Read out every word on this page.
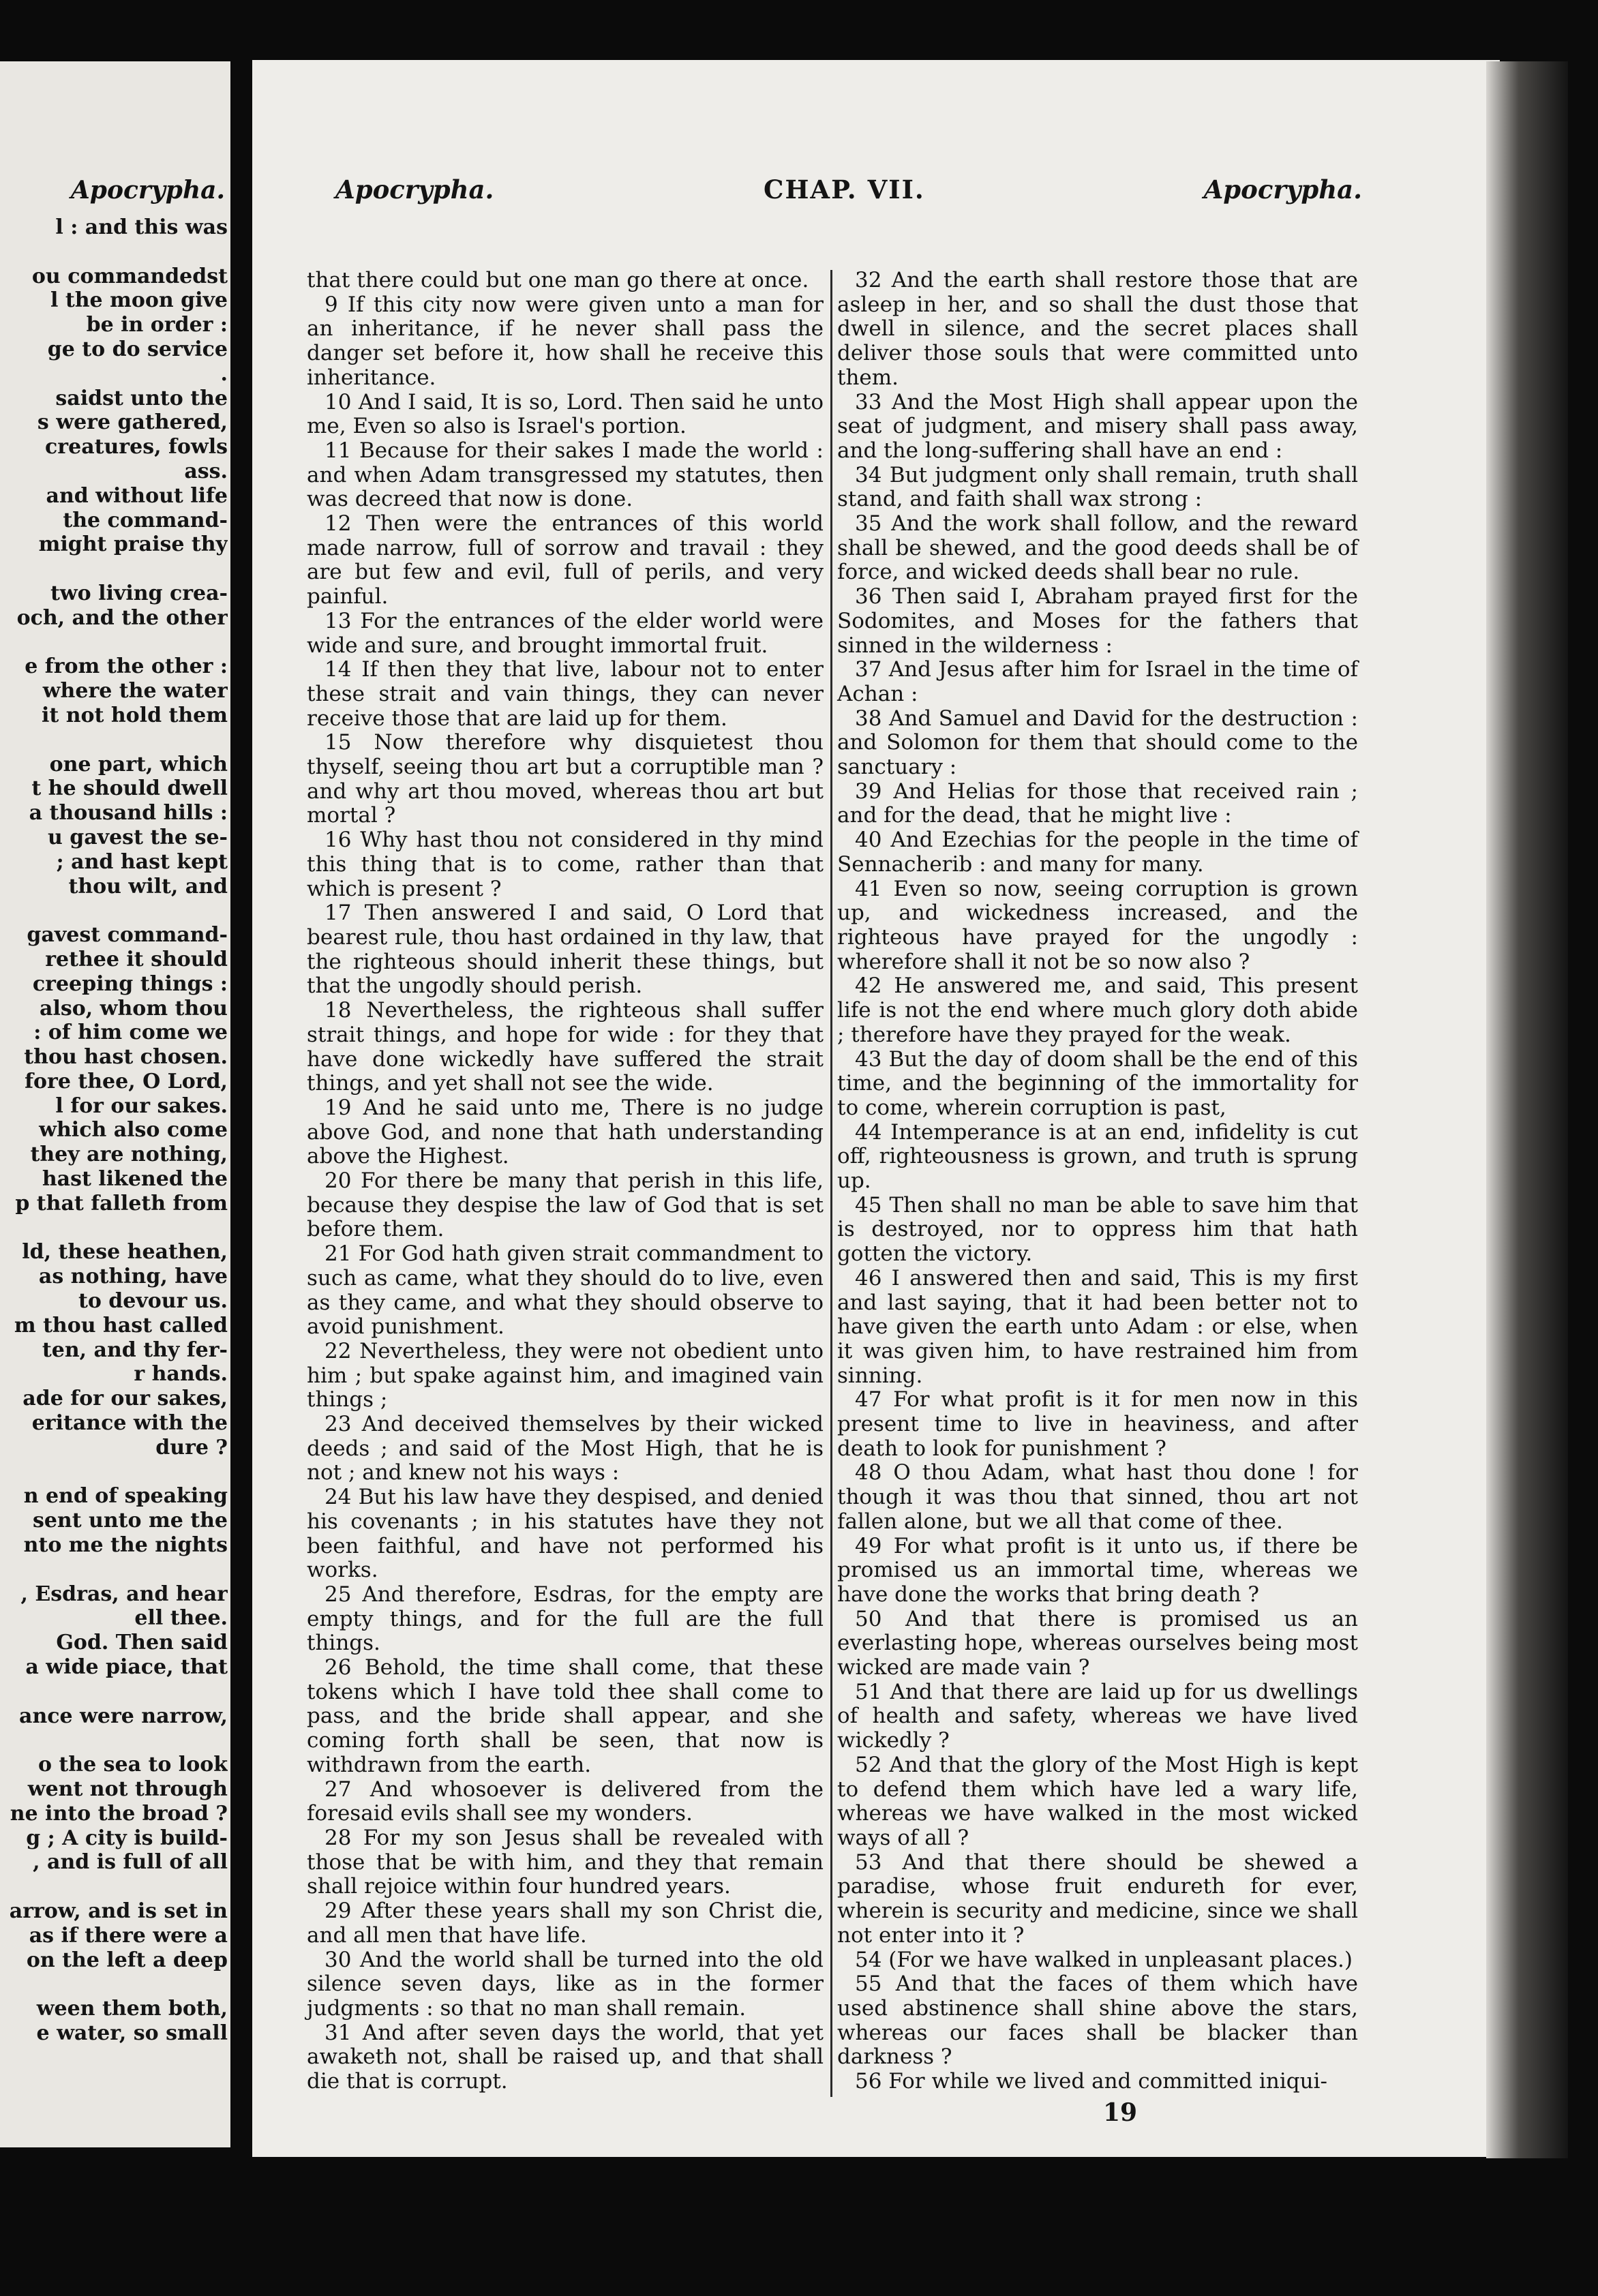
Apocrypha.
l : and this was
ou commandedst
l the moon give
be in order :
ge to do service
.
saidst unto the
s were gathered,
creatures, fowls
ass.
and without life
the command-
might praise thy
two living crea-
och, and the other
e from the other :
where the water
it not hold them
one part, which
t he should dwell
a thousand hills :
u gavest the se-
; and hast kept
thou wilt, and
gavest command-
rethee it should
creeping things :
also, whom thou
: of him come we
thou hast chosen.
fore thee, O Lord,
l for our sakes.
which also come
they are nothing,
hast likened the
p that falleth from
ld, these heathen,
as nothing, have
to devour us.
m thou hast called
ten, and thy fer-
r hands.
ade for our sakes,
eritance with the
dure ?
n end of speaking
sent unto me the
nto me the nights
, Esdras, and hear
ell thee.
God. Then said
a wide piace, that
ance were narrow,
o the sea to look
went not through
ne into the broad ?
g ; A city is build-
, and is full of all
arrow, and is set in
as if there were a
on the left a deep
ween them both,
e water, so small
Apocrypha.	CHAP. VII.	Apocrypha.

that there could but one man go there at once.

9 If this city now were given unto a man for an inheritance, if he never shall pass the danger set before it, how shall he receive this inheritance.

10 And I said, It is so, Lord. Then said he unto me, Even so also is Israel's portion.

11 Because for their sakes I made the world : and when Adam transgressed my statutes, then was decreed that now is done.

12 Then were the entrances of this world made narrow, full of sorrow and travail : they are but few and evil, full of perils, and very painful.

13 For the entrances of the elder world were wide and sure, and brought immortal fruit.

14 If then they that live, labour not to enter these strait and vain things, they can never receive those that are laid up for them.

15 Now therefore why disquietest thou thyself, seeing thou art but a corruptible man ? and why art thou moved, whereas thou art but mortal ?

16 Why hast thou not considered in thy mind this thing that is to come, rather than that which is present ?

17 Then answered I and said, O Lord that bearest rule, thou hast ordained in thy law, that the righteous should inherit these things, but that the ungodly should perish.

18 Nevertheless, the righteous shall suffer strait things, and hope for wide : for they that have done wickedly have suffered the strait things, and yet shall not see the wide.

19 And he said unto me, There is no judge above God, and none that hath understanding above the Highest.

20 For there be many that perish in this life, because they despise the law of God that is set before them.

21 For God hath given strait commandment to such as came, what they should do to live, even as they came, and what they should observe to avoid punishment.

22 Nevertheless, they were not obedient unto him ; but spake against him, and imagined vain things ;

23 And deceived themselves by their wicked deeds ; and said of the Most High, that he is not ; and knew not his ways :

24 But his law have they despised, and denied his covenants ; in his statutes have they not been faithful, and have not performed his works.

25 And therefore, Esdras, for the empty are empty things, and for the full are the full things.

26 Behold, the time shall come, that these tokens which I have told thee shall come to pass, and the bride shall appear, and she coming forth shall be seen, that now is withdrawn from the earth.

27 And whosoever is delivered from the foresaid evils shall see my wonders.

28 For my son Jesus shall be revealed with those that be with him, and they that remain shall rejoice within four hundred years.

29 After these years shall my son Christ die, and all men that have life.

30 And the world shall be turned into the old silence seven days, like as in the former judgments : so that no man shall remain.

31 And after seven days the world, that yet awaketh not, shall be raised up, and that shall die that is corrupt.

32 And the earth shall restore those that are asleep in her, and so shall the dust those that dwell in silence, and the secret places shall deliver those souls that were committed unto them.

33 And the Most High shall appear upon the seat of judgment, and misery shall pass away, and the long-suffering shall have an end :

34 But judgment only shall remain, truth shall stand, and faith shall wax strong :

35 And the work shall follow, and the reward shall be shewed, and the good deeds shall be of force, and wicked deeds shall bear no rule.

36 Then said I, Abraham prayed first for the Sodomites, and Moses for the fathers that sinned in the wilderness :

37 And Jesus after him for Israel in the time of Achan :

38 And Samuel and David for the destruction : and Solomon for them that should come to the sanctuary :

39 And Helias for those that received rain ; and for the dead, that he might live :

40 And Ezechias for the people in the time of Sennacherib : and many for many.

41 Even so now, seeing corruption is grown up, and wickedness increased, and the righteous have prayed for the ungodly : wherefore shall it not be so now also ?

42 He answered me, and said, This present life is not the end where much glory doth abide ; therefore have they prayed for the weak.

43 But the day of doom shall be the end of this time, and the beginning of the immortality for to come, wherein corruption is past,

44 Intemperance is at an end, infidelity is cut off, righteousness is grown, and truth is sprung up.

45 Then shall no man be able to save him that is destroyed, nor to oppress him that hath gotten the victory.

46 I answered then and said, This is my first and last saying, that it had been better not to have given the earth unto Adam : or else, when it was given him, to have restrained him from sinning.

47 For what profit is it for men now in this present time to live in heaviness, and after death to look for punishment ?

48 O thou Adam, what hast thou done ! for though it was thou that sinned, thou art not fallen alone, but we all that come of thee.

49 For what profit is it unto us, if there be promised us an immortal time, whereas we have done the works that bring death ?

50 And that there is promised us an everlasting hope, whereas ourselves being most wicked are made vain ?

51 And that there are laid up for us dwellings of health and safety, whereas we have lived wickedly ?

52 And that the glory of the Most High is kept to defend them which have led a wary life, whereas we have walked in the most wicked ways of all ?

53 And that there should be shewed a paradise, whose fruit endureth for ever, wherein is security and medicine, since we shall not enter into it ?

54 (For we have walked in unpleasant places.)

55 And that the faces of them which have used abstinence shall shine above the stars, whereas our faces shall be blacker than darkness ?

56 For while we lived and committed iniqui-

19
